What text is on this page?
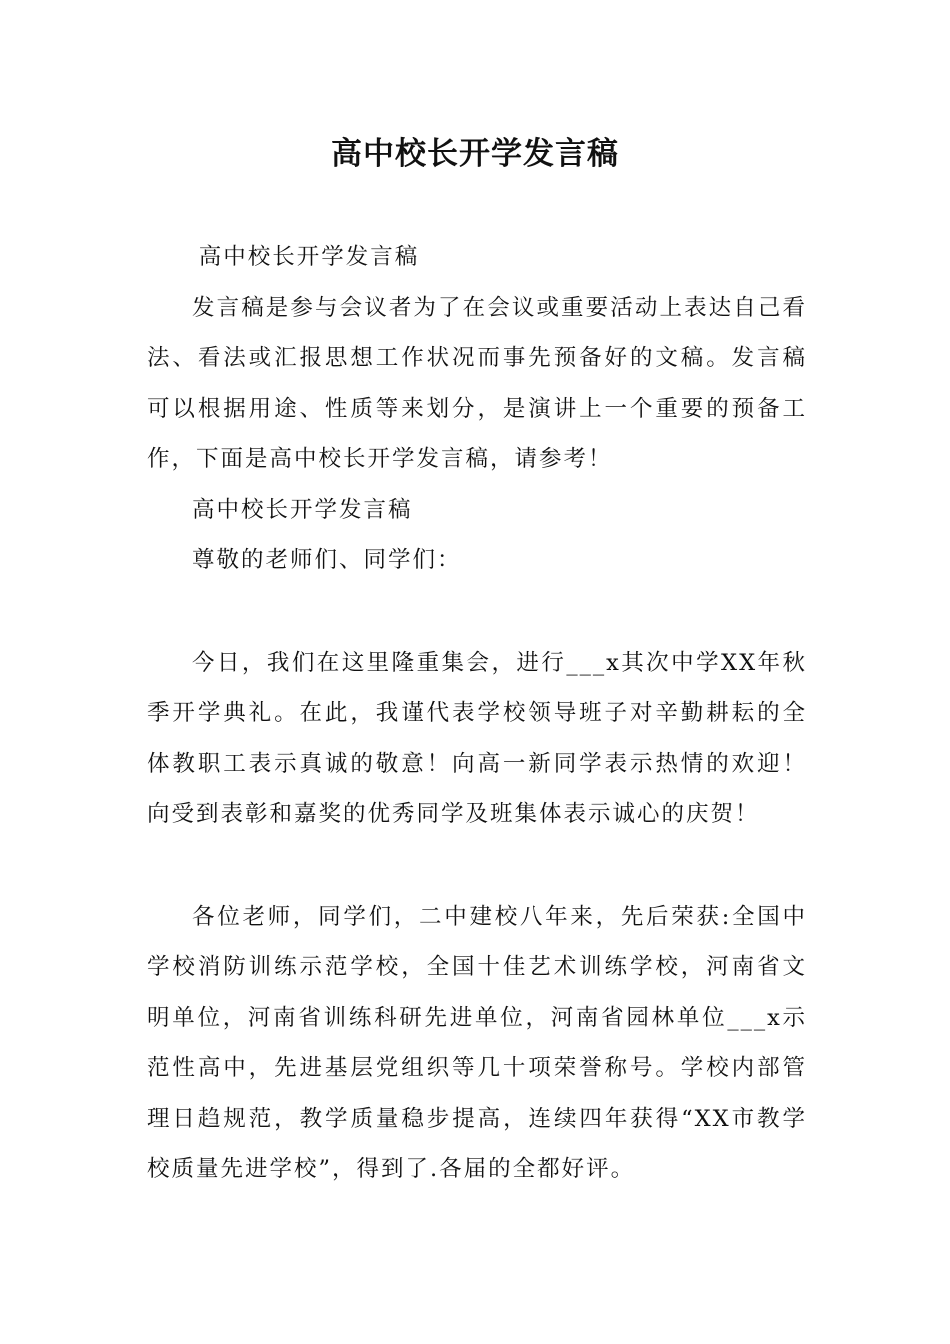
高中校长开学发言稿

高中校长开学发言稿

发言稿是参与会议者为了在会议或重要活动上表达自己看法、看法或汇报思想工作状况而事先预备好的文稿。发言稿可以根据用途、性质等来划分，是演讲上一个重要的预备工作，下面是高中校长开学发言稿，请参考！

高中校长开学发言稿

尊敬的老师们、同学们：

今日，我们在这里隆重集会，进行___x其次中学XX年秋季开学典礼。在此，我谨代表学校领导班子对辛勤耕耘的全体教职工表示真诚的敬意！向高一新同学表示热情的欢迎！向受到表彰和嘉奖的优秀同学及班集体表示诚心的庆贺！

各位老师，同学们，二中建校八年来，先后荣获:全国中学校消防训练示范学校，全国十佳艺术训练学校，河南省文明单位，河南省训练科研先进单位，河南省园林单位___x示范性高中，先进基层党组织等几十项荣誉称号。学校内部管理日趋规范，教学质量稳步提高，连续四年获得“XX市教学校质量先进学校”，得到了.各届的全都好评。
